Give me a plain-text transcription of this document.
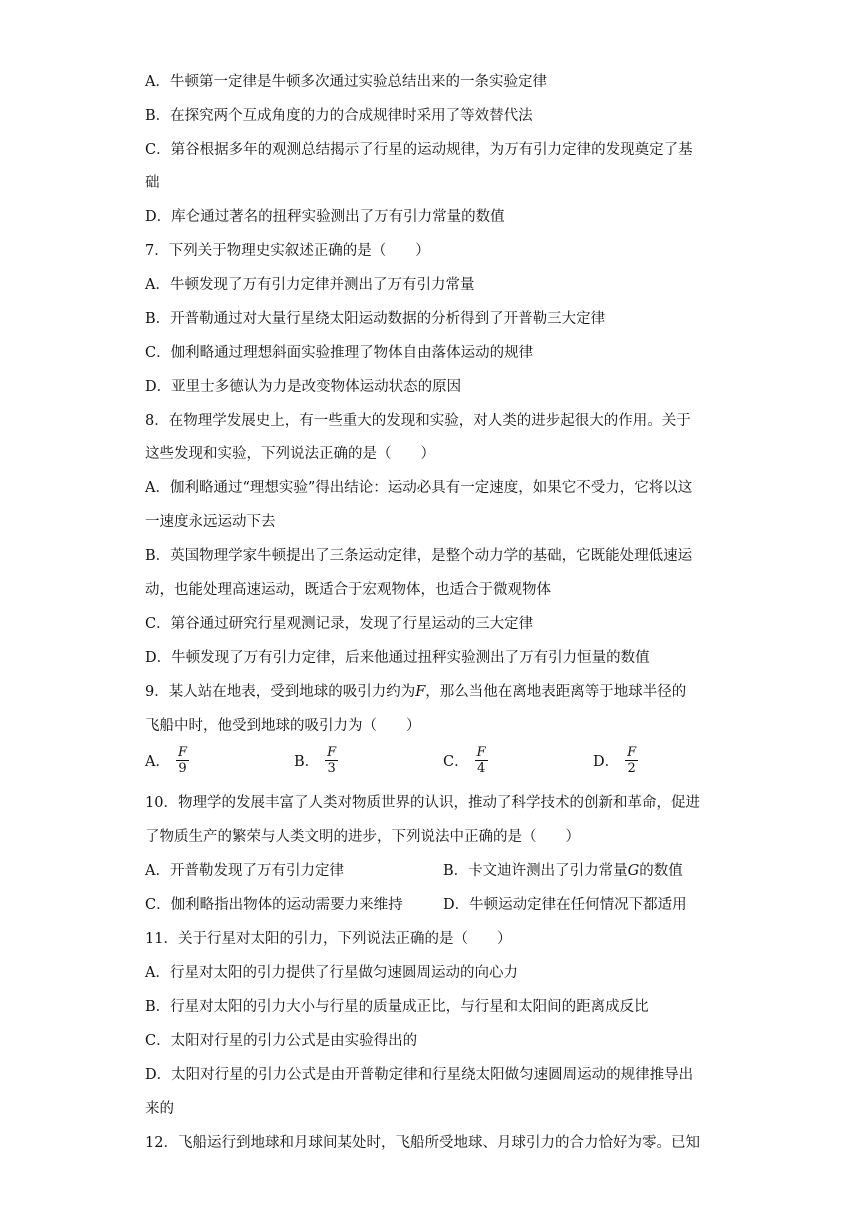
A．牛顿第一定律是牛顿多次通过实验总结出来的一条实验定律
B．在探究两个互成角度的力的合成规律时采用了等效替代法
C．第谷根据多年的观测总结揭示了行星的运动规律，为万有引力定律的发现奠定了基
础
D．库仑通过著名的扭秤实验测出了万有引力常量的数值
7．下列关于物理史实叙述正确的是（　　）
A．牛顿发现了万有引力定律并测出了万有引力常量
B．开普勒通过对大量行星绕太阳运动数据的分析得到了开普勒三大定律
C．伽利略通过理想斜面实验推理了物体自由落体运动的规律
D．亚里士多德认为力是改变物体运动状态的原因
8．在物理学发展史上，有一些重大的发现和实验，对人类的进步起很大的作用。关于
这些发现和实验，下列说法正确的是（　　）
A．伽利略通过“理想实验”得出结论：运动必具有一定速度，如果它不受力，它将以这
一速度永远运动下去
B．英国物理学家牛顿提出了三条运动定律，是整个动力学的基础，它既能处理低速运
动，也能处理高速运动，既适合于宏观物体，也适合于微观物体
C．第谷通过研究行星观测记录，发现了行星运动的三大定律
D．牛顿发现了万有引力定律，后来他通过扭秤实验测出了万有引力恒量的数值
9．某人站在地表，受到地球的吸引力约为F，那么当他在离地表距离等于地球半径的
飞船中时，他受到地球的吸引力为（　　）
A． $\frac{F}{9}$	B． $\frac{F}{3}$	C． $\frac{F}{4}$	D． $\frac{F}{2}$
10．物理学的发展丰富了人类对物质世界的认识，推动了科学技术的创新和革命，促进
了物质生产的繁荣与人类文明的进步，下列说法中正确的是（　　）
A．开普勒发现了万有引力定律	B．卡文迪许测出了引力常量G的数值
C．伽利略指出物体的运动需要力来维持	D．牛顿运动定律在任何情况下都适用
11．关于行星对太阳的引力，下列说法正确的是（　　）
A．行星对太阳的引力提供了行星做匀速圆周运动的向心力
B．行星对太阳的引力大小与行星的质量成正比，与行星和太阳间的距离成反比
C．太阳对行星的引力公式是由实验得出的
D．太阳对行星的引力公式是由开普勒定律和行星绕太阳做匀速圆周运动的规律推导出
来的
12．飞船运行到地球和月球间某处时，飞船所受地球、月球引力的合力恰好为零。已知
